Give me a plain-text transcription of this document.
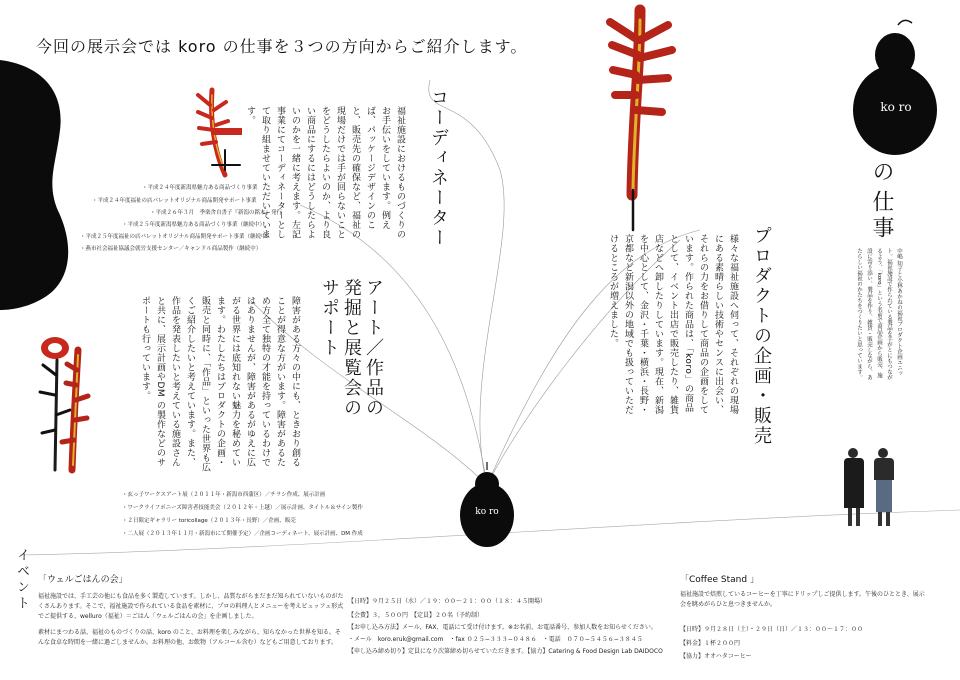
ko ro
ko ro
今回の展示会では koro の仕事を３つの方向からご紹介します。
の
仕事
中嶋 知子と小林あかねの福祉プロダクト企画ユニット。福祉施設で作られている製品を手がとにもつながるよう、「koro」という名前で商品企画から販売、施設に寄り添い、製品を作り、雑貨・販売しながら、あたらしい福祉のかたちをつくりたいと思っています。
コーディネーター
福祉施設におけるものづくりのお手伝いをしています。例えば、パッケージデザインのこと、販売先の確保など、福祉の現場だけでは手が回らないことをどうしたらよいのか、より良い商品にするにはどうしたらよいのかを一緒に考えます。左記事業にてコーディネーターとして取り組ませていただいています。
・平成２４年度新潟県魅力ある商品づくり事業
・平成２４年度福祉の店パレットオリジナル商品開発サポート事業
・平成２６年３月　季楽舎自書子『新潟の銘木』発行
・平成２５年度新潟県魅力ある商品づくり事業（継続中）
・平成２５年度福祉の店パレットオリジナル商品開発サポート事業（継続中）
・燕市社会福祉協議会就労支援センター／キャンドル商品製作（継続中）
アート／作品の発掘と展覧会のサポート
障害がある方々の中にも、ときおり創ることが得意な方がいます。障害があるため方全て独特の才能を持っているわけではありませんが、障害があるがゆえに広がる世界には底知れない魅力を秘めています。わたしたちはプロダクトの企画・販売と同時に、「作品」といった世界も広くご紹介したいと考えています。また、作品を発表したいと考えている施設さんと共に、展示計画やDM の製作などのサポートも行っています。
・玄っ子ワークスアート展（２０１１年・新潟市西蒲区）／チラシ作成、展示計画
・ワークライフポニーズ障害者技能美会（２０１２年・上越）／展示計画、タイトル＆サイン製作
・２日限定ギャラリー toricollage（２０１３年・長野）／企画、販売
・二人展（２０１３年１１月・新潟市にて開催予定）／企画コーディネート、展示計画、DM 作成
プロダクトの企画・販売
様々な福祉施設へ伺って、それぞれの現場にある素晴らしい技術やセンスに出会い、それらの力をお借りして商品の企画をしています。作られた商品は、「koro」の商品として、イベント出店で販売したり、雑貨店などへ卸したりしています。現在、新潟を中心として、金沢・千葉・横浜・長野・京都など新潟以外の地域でも扱っていただけるところが増えました。
イベント 「ウェルごはんの会」
福祉施設では、手工芸の他にも食品を多く製造しています。しかし、品質ながらまだまだ知られていないものがたくさんあります。そこで、福祉施設で作られている食品を素材に、プロの料理人とメニューを考えビュッフェ形式でご提供する、welluro（福祉）＝ごはん「ウェルごはんの会」を企画しました。
素材にまつわる話、福祉のものづくりの話、koro のこと、お料理を楽しみながら、知らなかった世界を知る。そんな食卓な時間を一緒に過ごしませんか。お料理の他、お飲物（アルコール含む）などもご用意しております。
【日時】９月２５日（水）／１９：００〜２１：００（１８：４５開場）
【会費】３，５００円　【定員】２０名（予約制）
【お申し込み方法】メール、FAX、電話にて受け付けます。※お名前、お電話番号、参加人数をお知らせください。
・メール　koro.eruk@gmail.com　・fax ０２５−３３３−０４８６　・電話　０７０−５４５６−３８４５
【申し込み締め切り】定員になり次第締め切らせていただきます。【協力】Catering & Food Design Lab DAIDOCO
「Coffee Stand 」
福祉施設で焙煎しているコーヒーを丁寧にドリップしご提供します。午後のひととき、展示会を眺めがらひと息つきませんか。
【日時】９月２８日（土）・２９日（日）／１３：００〜１７：００
【料金】１杯２００円
【協力】オオハタコーヒー
